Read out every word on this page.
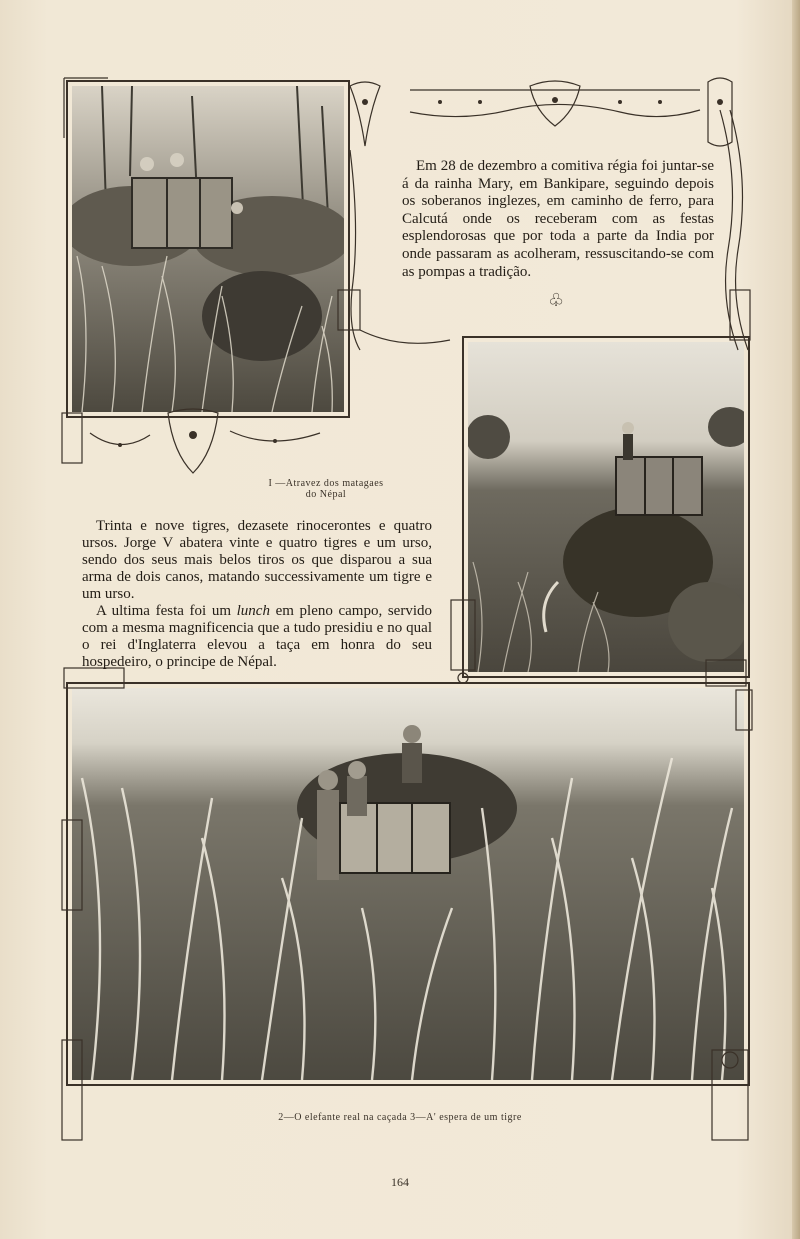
Em 28 de dezembro a comitiva régia foi juntar-se á da rainha Mary, em Bankipare, seguindo depois os soberanos inglezes, em caminho de ferro, para Calcutá onde os receberam com as festas esplendorosas que por toda a parte da India por onde passaram as acolheram, ressuscitando-se com as pompas a tradição.

♧
I —Atravez dos matagaes
do Népal

Trinta e nove tigres, dezasete rinocerontes e quatro ursos. Jorge V abatera vinte e quatro tigres e um urso, sendo dos seus mais belos tiros os que disparou a sua arma de dois canos, matando successivamente um tigre e um urso.

A ultima festa foi um lunch em pleno campo, servido com a mesma magnificencia que a tudo presidiu e no qual o rei d'Inglaterra elevou a taça em honra do seu hospedeiro, o principe de Népal.

2—O elefante real na caçada 3—A' espera de um tigre
164
